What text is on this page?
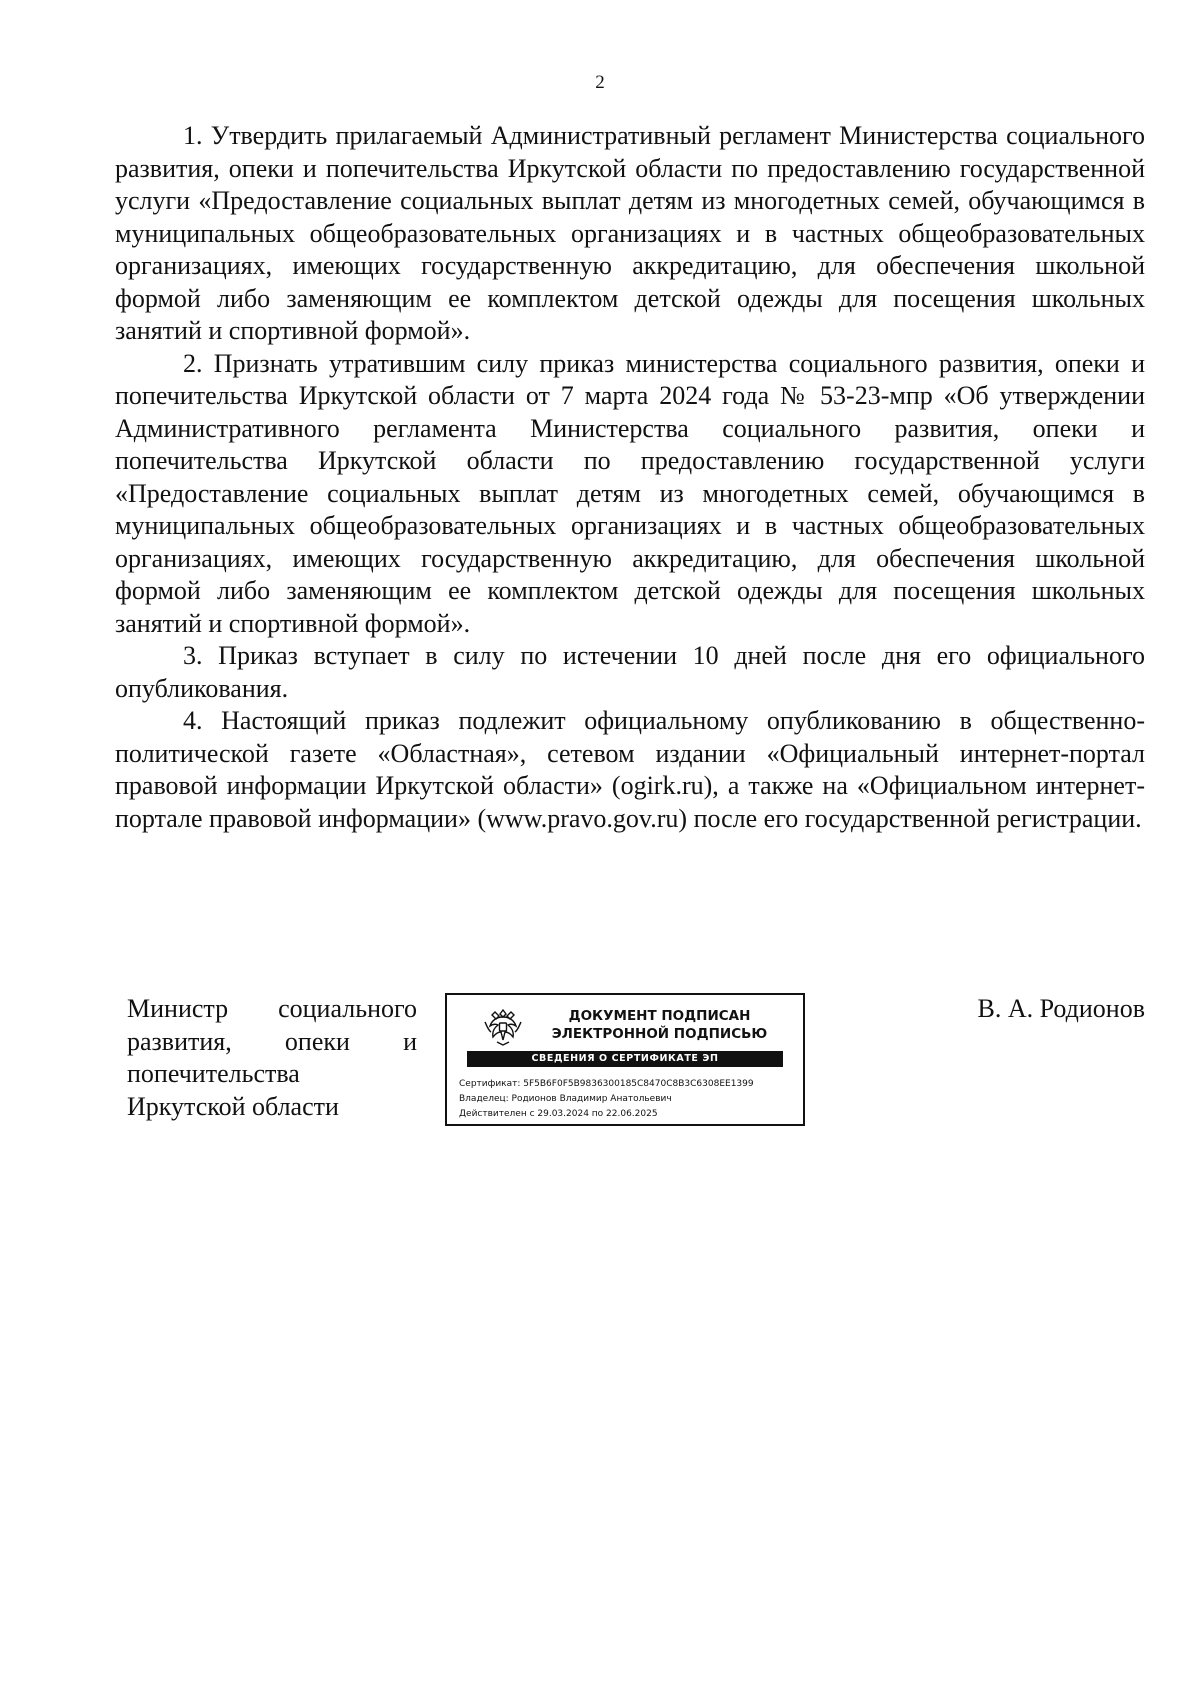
2

1. Утвердить прилагаемый Административный регламент Министерства социального развития, опеки и попечительства Иркутской области по предоставлению государственной услуги «Предоставление социальных выплат детям из многодетных семей, обучающимся в муниципальных общеобразовательных организациях и в частных общеобразовательных организациях, имеющих государственную аккредитацию, для обеспечения школьной формой либо заменяющим ее комплектом детской одежды для посещения школьных занятий и спортивной формой».

2. Признать утратившим силу приказ министерства социального развития, опеки и попечительства Иркутской области от 7 марта 2024 года № 53-23-мпр «Об утверждении Административного регламента Министерства социального развития, опеки и попечительства Иркутской области по предоставлению государственной услуги «Предоставление социальных выплат детям из многодетных семей, обучающимся в муниципальных общеобразовательных организациях и в частных общеобразовательных организациях, имеющих государственную аккредитацию, для обеспечения школьной формой либо заменяющим ее комплектом детской одежды для посещения школьных занятий и спортивной формой».

3. Приказ вступает в силу по истечении 10 дней после дня его официального опубликования.

4. Настоящий приказ подлежит официальному опубликованию в общественно-политической газете «Областная», сетевом издании «Официальный интернет-портал правовой информации Иркутской области» (ogirk.ru), а также на «Официальном интернет-портале правовой информации» (www.pravo.gov.ru) после его государственной регистрации.

Министр социального
развития, опеки и
попечительства
Иркутской области
ДОКУМЕНТ ПОДПИСАН
ЭЛЕКТРОННОЙ ПОДПИСЬЮ
СВЕДЕНИЯ О СЕРТИФИКАТЕ ЭП
Сертификат: 5F5B6F0F5B9836300185C8470C8B3C6308EE1399
Владелец: Родионов Владимир Анатольевич
Действителен с 29.03.2024 по 22.06.2025
В. А. Родионов
